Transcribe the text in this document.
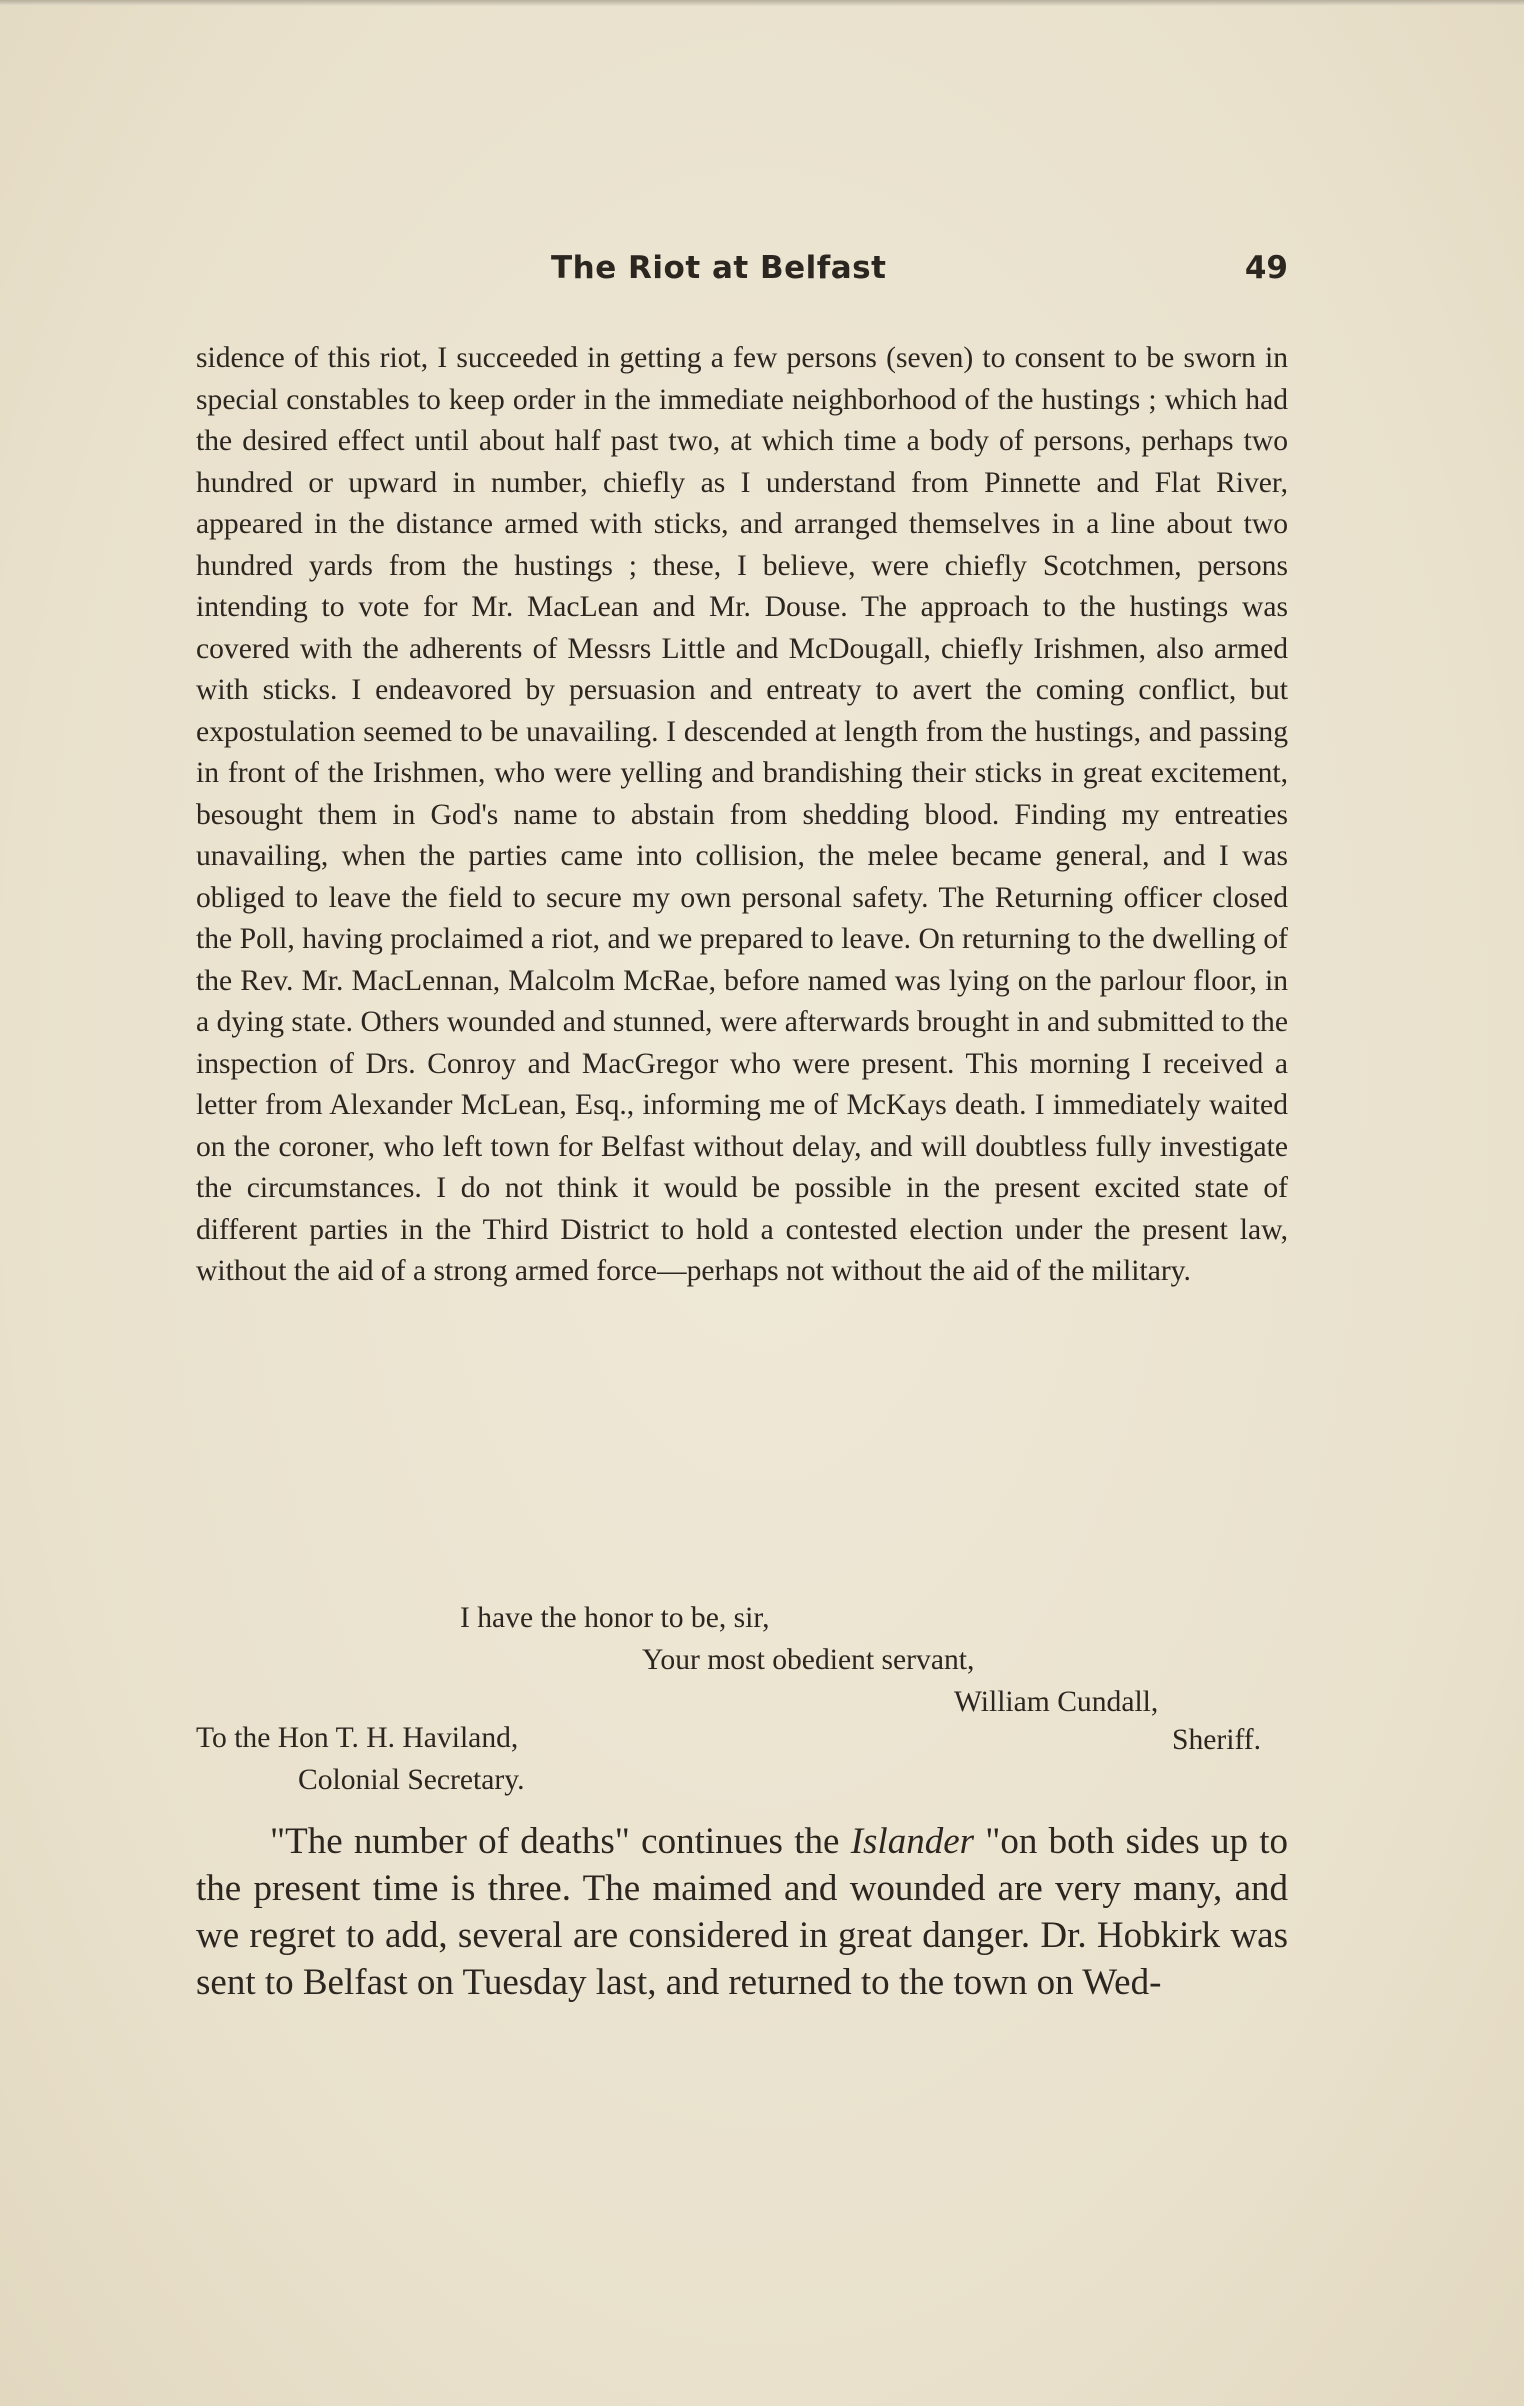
The Riot at Belfast	49

sidence of this riot, I succeeded in getting a few persons (seven) to consent to be sworn in special constables to keep order in the immediate neighborhood of the hustings ; which had the desired effect until about half past two, at which time a body of persons, perhaps two hundred or upward in number, chiefly as I understand from Pinnette and Flat River, appeared in the distance armed with sticks, and arranged themselves in a line about two hundred yards from the hustings ; these, I believe, were chiefly Scotchmen, persons intending to vote for Mr. MacLean and Mr. Douse. The approach to the hustings was covered with the adherents of Messrs Little and McDougall, chiefly Irishmen, also armed with sticks. I endeavored by persuasion and entreaty to avert the coming conflict, but expostulation seemed to be unavailing. I descended at length from the hustings, and passing in front of the Irishmen, who were yelling and brandishing their sticks in great excitement, besought them in God's name to abstain from shedding blood. Finding my entreaties unavailing, when the parties came into collision, the melee became general, and I was obliged to leave the field to secure my own personal safety. The Returning officer closed the Poll, having proclaimed a riot, and we prepared to leave. On returning to the dwelling of the Rev. Mr. MacLennan, Malcolm McRae, before named was lying on the parlour floor, in a dying state. Others wounded and stunned, were afterwards brought in and submitted to the inspection of Drs. Conroy and MacGregor who were present. This morning I received a letter from Alexander McLean, Esq., informing me of McKays death. I immediately waited on the coroner, who left town for Belfast without delay, and will doubtless fully investigate the circumstances. I do not think it would be possible in the present excited state of different parties in the Third District to hold a contested election under the present law, without the aid of a strong armed force—perhaps not without the aid of the military.

I have the honor to be, sir,
Your most obedient servant,
William Cundall,
To the Hon T. H. Haviland,	Sheriff.
Colonial Secretary.

"The number of deaths" continues the Islander "on both sides up to the present time is three. The maimed and wounded are very many, and we regret to add, several are considered in great danger. Dr. Hobkirk was sent to Belfast on Tuesday last, and returned to the town on Wed-
